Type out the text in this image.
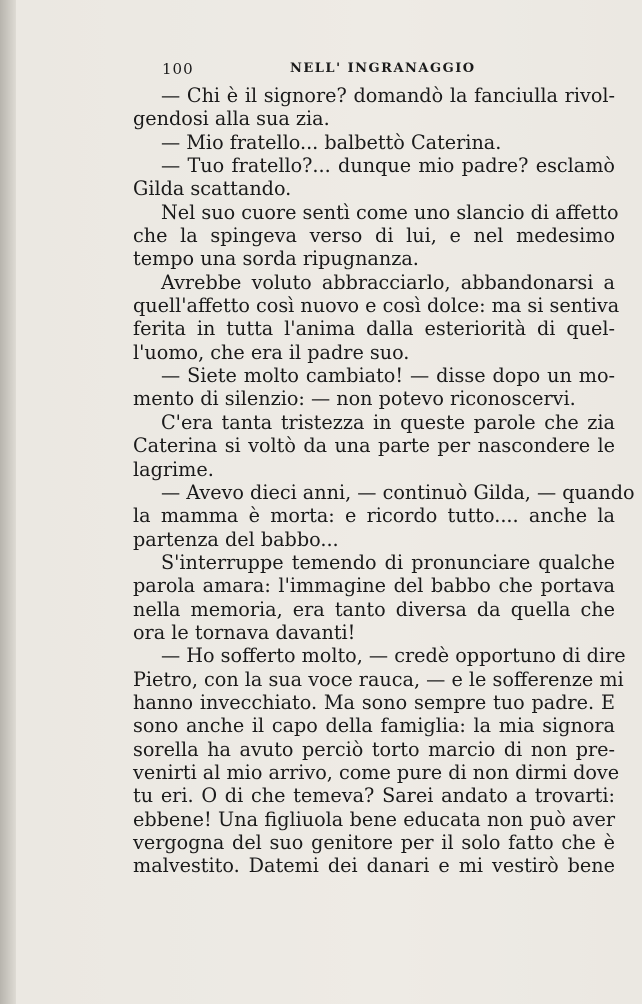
100	NELL' INGRANAGGIO
— Chi è il signore? domandò la fanciulla rivol-
gendosi alla sua zia.
— Mio fratello... balbettò Caterina.
— Tuo fratello?... dunque mio padre? esclamò
Gilda scattando.
Nel suo cuore sentì come uno slancio di affetto
che la spingeva verso di lui, e nel medesimo
tempo una sorda ripugnanza.
Avrebbe voluto abbracciarlo, abbandonarsi a
quell'affetto così nuovo e così dolce: ma si sentiva
ferita in tutta l'anima dalla esteriorità di quel-
l'uomo, che era il padre suo.
— Siete molto cambiato! — disse dopo un mo-
mento di silenzio: — non potevo riconoscervi.
C'era tanta tristezza in queste parole che zia
Caterina si voltò da una parte per nascondere le
lagrime.
— Avevo dieci anni, — continuò Gilda, — quando
la mamma è morta: e ricordo tutto.... anche la
partenza del babbo...
S'interruppe temendo di pronunciare qualche
parola amara: l'immagine del babbo che portava
nella memoria, era tanto diversa da quella che
ora le tornava davanti!
— Ho sofferto molto, — credè opportuno di dire
Pietro, con la sua voce rauca, — e le sofferenze mi
hanno invecchiato. Ma sono sempre tuo padre. E
sono anche il capo della famiglia: la mia signora
sorella ha avuto perciò torto marcio di non pre-
venirti al mio arrivo, come pure di non dirmi dove
tu eri. O di che temeva? Sarei andato a trovarti:
ebbene! Una figliuola bene educata non può aver
vergogna del suo genitore per il solo fatto che è
malvestito. Datemi dei danari e mi vestirò bene
